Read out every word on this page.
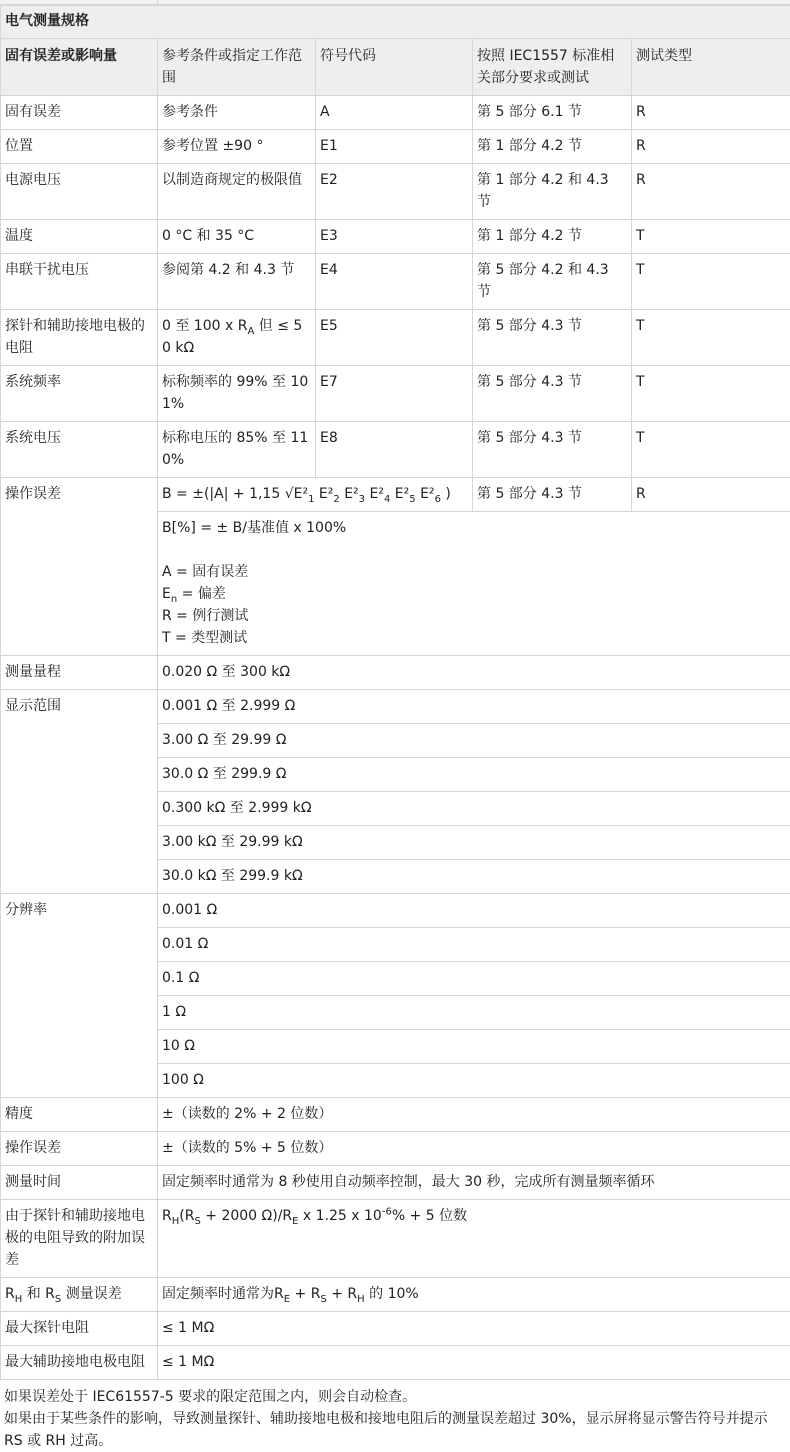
电气测量规格				
固有误差或影响量	参考条件或指定工作范围	符号代码	按照 IEC1557 标准相关部分要求或测试	测试类型
固有误差	参考条件	A	第 5 部分 6.1 节	R
位置	参考位置 ±90 °	E1	第 1 部分 4.2 节	R
电源电压	以制造商规定的极限值	E2	第 1 部分 4.2 和 4.3 节	R
温度	0 °C 和 35 °C	E3	第 1 部分 4.2 节	T
串联干扰电压	参阅第 4.2 和 4.3 节	E4	第 5 部分 4.2 和 4.3 节	T
探针和辅助接地电极的电阻	0 至 100 x $R_A$ 但 ≤ 50 kΩ	E5	第 5 部分 4.3 节	T
系统频率	标称频率的 99% 至 101%	E7	第 5 部分 4.3 节	T
系统电压	标称电压的 85% 至 110%	E8	第 5 部分 4.3 节	T
操作误差	B = ±(|A| + 1,15 $√E^2_1$ $E^2_2$ $E^2_3$ $E^2_4$ $E^2_5$ $E^2_6$ )		第 5 部分 4.3 节	R

	B[%] = ± B/基准值 x 100%
A = 固有误差
$E_n$ = 偏差
R = 例行测试
T = 类型测试			

测量量程	0.020 Ω 至 300 kΩ			
显示范围	0.001 Ω 至 2.999 Ω			
	3.00 Ω 至 29.99 Ω			
	30.0 Ω 至 299.9 Ω			
	0.300 kΩ 至 2.999 kΩ			
	3.00 kΩ 至 29.99 kΩ			
	30.0 kΩ 至 299.9 kΩ			
分辨率	0.001 Ω			
	0.01 Ω			
	0.1 Ω			
	1 Ω			
	10 Ω			
	100 Ω			
精度	±（读数的 2% + 2 位数）			
操作误差	±（读数的 5% + 5 位数）			
测量时间	固定频率时通常为 8 秒使用自动频率控制，最大 30 秒，完成所有测量频率循环			
由于探针和辅助接地电极的电阻导致的附加误差	$R_H(R_S + 2000$ $\Omega)/R_E$ x 1.25 x $10^{-6}\% + 5$ 位数			
$R_H$ 和 $R_S$ 测量误差	固定频率时通常为$R_E + R_S + R_H$ 的 10%			
最大探针电阻	≤ 1 MΩ			
最大辅助接地电极电阻	≤ 1 MΩ			
如果误差处于 IEC61557-5 要求的限定范围之内，则会自动检查。
如果由于某些条件的影响，导致测量探针、辅助接地电极和接地电阻后的测量误差超过 30%，显示屏将显示警告符号并提示 RS 或 RH 过高。
